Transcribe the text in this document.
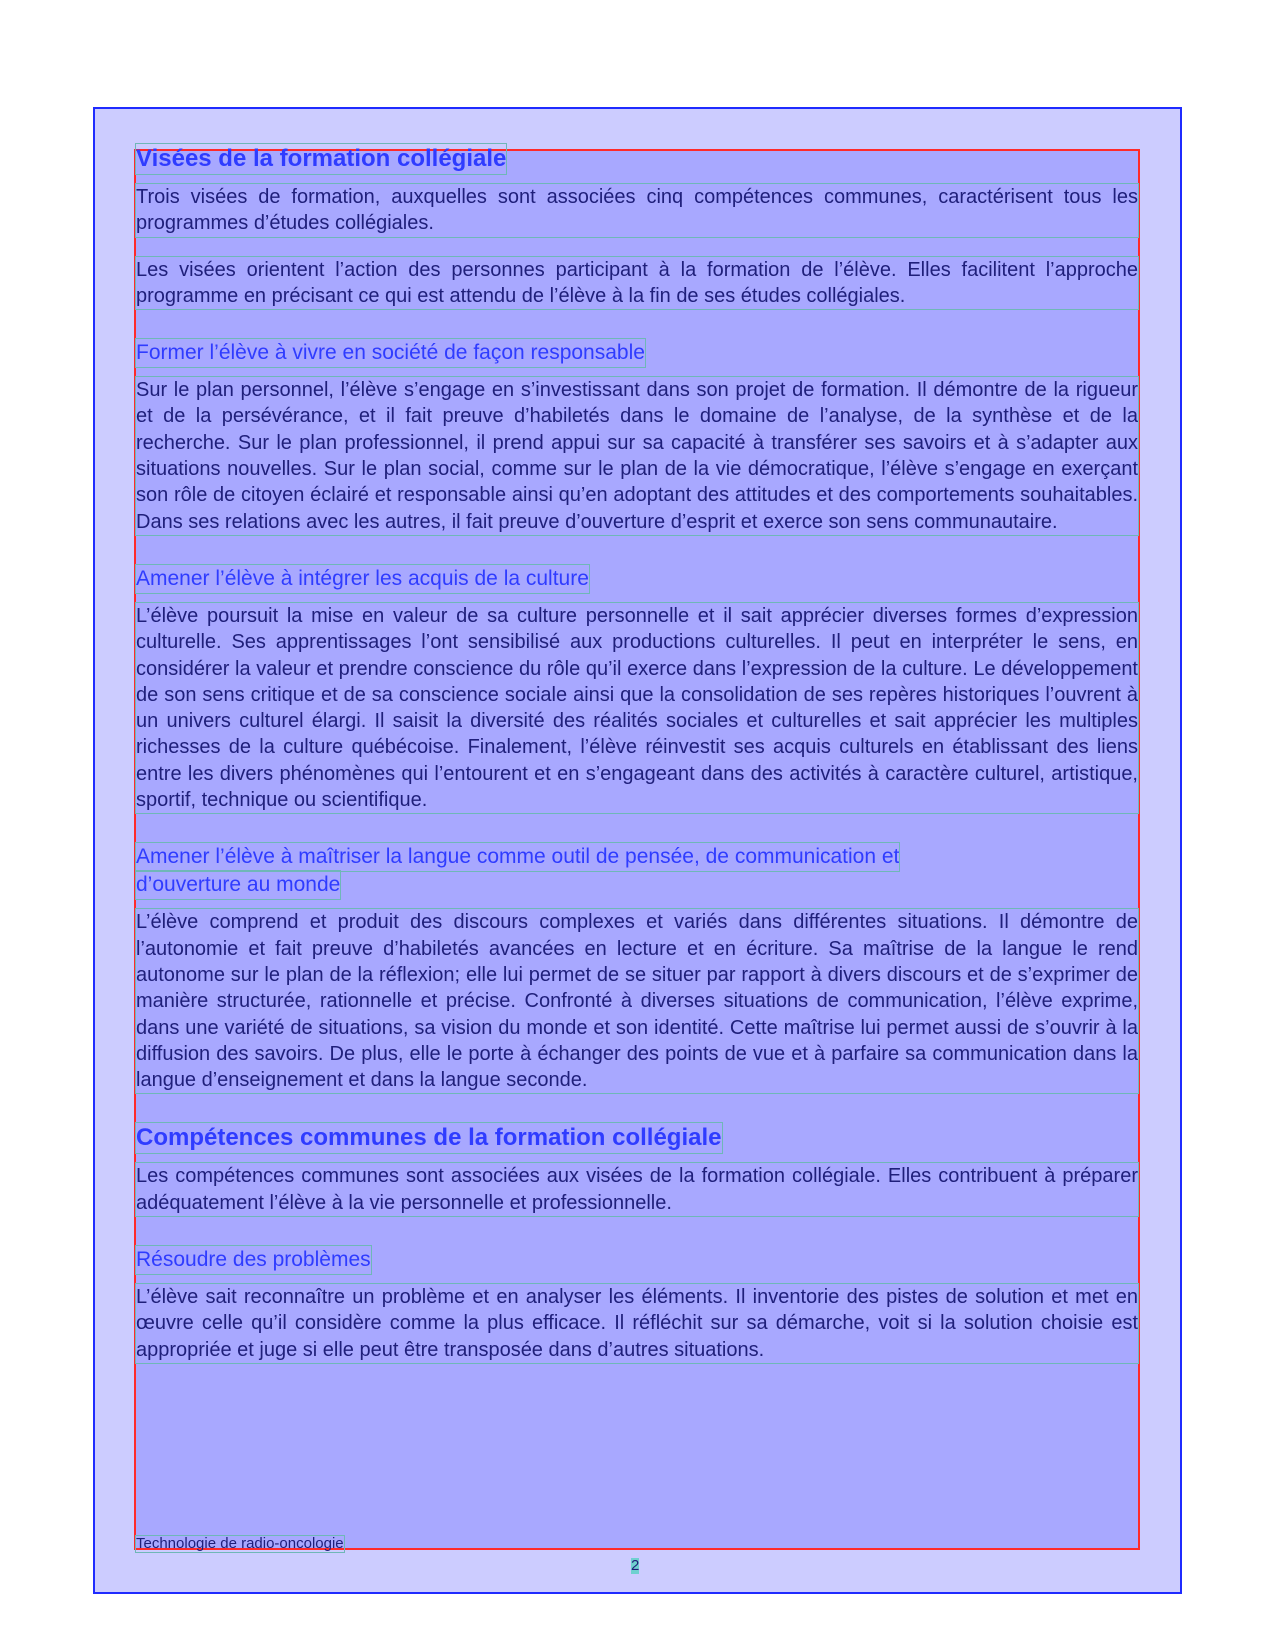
Visées de la formation collégiale

Trois visées de formation, auxquelles sont associées cinq compétences communes, caractérisent tous les programmes d’études collégiales.

Les visées orientent l’action des personnes participant à la formation de l’élève. Elles facilitent l’approche programme en précisant ce qui est attendu de l’élève à la fin de ses études collégiales.

Former l’élève à vivre en société de façon responsable

Sur le plan personnel, l’élève s’engage en s’investissant dans son projet de formation. Il démontre de la rigueur et de la persévérance, et il fait preuve d’habiletés dans le domaine de l’analyse, de la synthèse et de la recherche. Sur le plan professionnel, il prend appui sur sa capacité à transférer ses savoirs et à s’adapter aux situations nouvelles. Sur le plan social, comme sur le plan de la vie démocratique, l’élève s’engage en exerçant son rôle de citoyen éclairé et responsable ainsi qu’en adoptant des attitudes et des comportements souhaitables. Dans ses relations avec les autres, il fait preuve d’ouverture d’esprit et exerce son sens communautaire.

Amener l’élève à intégrer les acquis de la culture

L’élève poursuit la mise en valeur de sa culture personnelle et il sait apprécier diverses formes d’expression culturelle. Ses apprentissages l’ont sensibilisé aux productions culturelles. Il peut en interpréter le sens, en considérer la valeur et prendre conscience du rôle qu’il exerce dans l’expression de la culture. Le développement de son sens critique et de sa conscience sociale ainsi que la consolidation de ses repères historiques l’ouvrent à un univers culturel élargi. Il saisit la diversité des réalités sociales et culturelles et sait apprécier les multiples richesses de la culture québécoise. Finalement, l’élève réinvestit ses acquis culturels en établissant des liens entre les divers phénomènes qui l’entourent et en s’engageant dans des activités à caractère culturel, artistique, sportif, technique ou scientifique.

Amener l’élève à maîtriser la langue comme outil de pensée, de communication et
d’ouverture au monde

L’élève comprend et produit des discours complexes et variés dans différentes situations. Il démontre de l’autonomie et fait preuve d’habiletés avancées en lecture et en écriture. Sa maîtrise de la langue le rend autonome sur le plan de la réflexion; elle lui permet de se situer par rapport à divers discours et de s’exprimer de manière structurée, rationnelle et précise. Confronté à diverses situations de communication, l’élève exprime, dans une variété de situations, sa vision du monde et son identité. Cette maîtrise lui permet aussi de s’ouvrir à la diffusion des savoirs. De plus, elle le porte à échanger des points de vue et à parfaire sa communication dans la langue d’enseignement et dans la langue seconde.

Compétences communes de la formation collégiale

Les compétences communes sont associées aux visées de la formation collégiale. Elles contribuent à préparer adéquatement l’élève à la vie personnelle et professionnelle.

Résoudre des problèmes

L’élève sait reconnaître un problème et en analyser les éléments. Il inventorie des pistes de solution et met en œuvre celle qu’il considère comme la plus efficace. Il réfléchit sur sa démarche, voit si la solution choisie est appropriée et juge si elle peut être transposée dans d’autres situations.

Technologie de radio-oncologie
2
